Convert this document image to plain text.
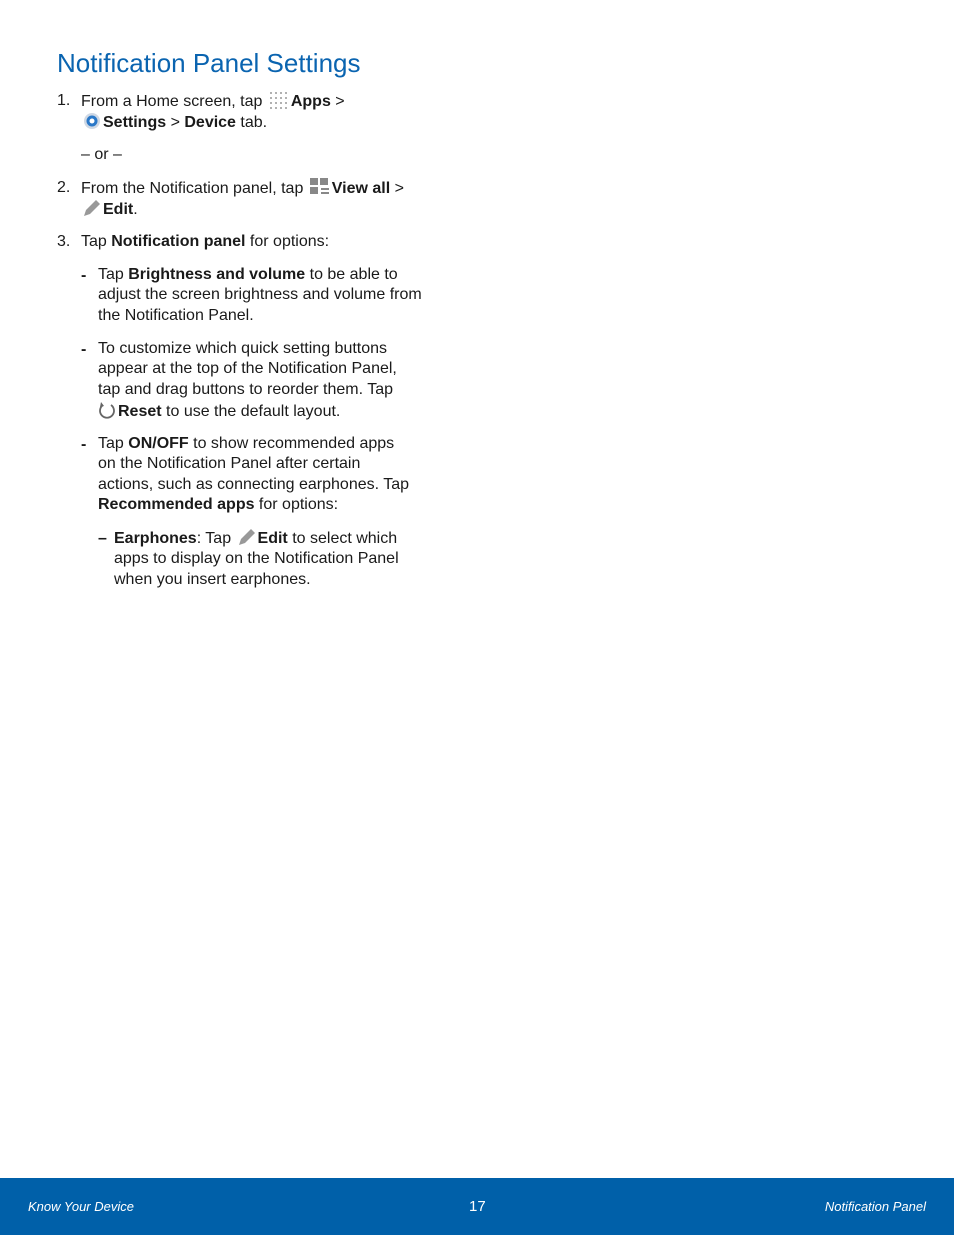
Notification Panel Settings
1. From a Home screen, tap Apps >
Settings > Device tab.
– or –
2. From the Notification panel, tap View all >
Edit.
3. Tap Notification panel for options:
- Tap Brightness and volume to be able to
adjust the screen brightness and volume from
the Notification Panel.
- To customize which quick setting buttons
appear at the top of the Notification Panel,
tap and drag buttons to reorder them. Tap
Reset to use the default layout.
- Tap ON/OFF to show recommended apps
on the Notification Panel after certain
actions, such as connecting earphones. Tap
Recommended apps for options:
– Earphones: Tap Edit to select which
apps to display on the Notification Panel
when you insert earphones.
Know Your Device	17	Notification Panel
